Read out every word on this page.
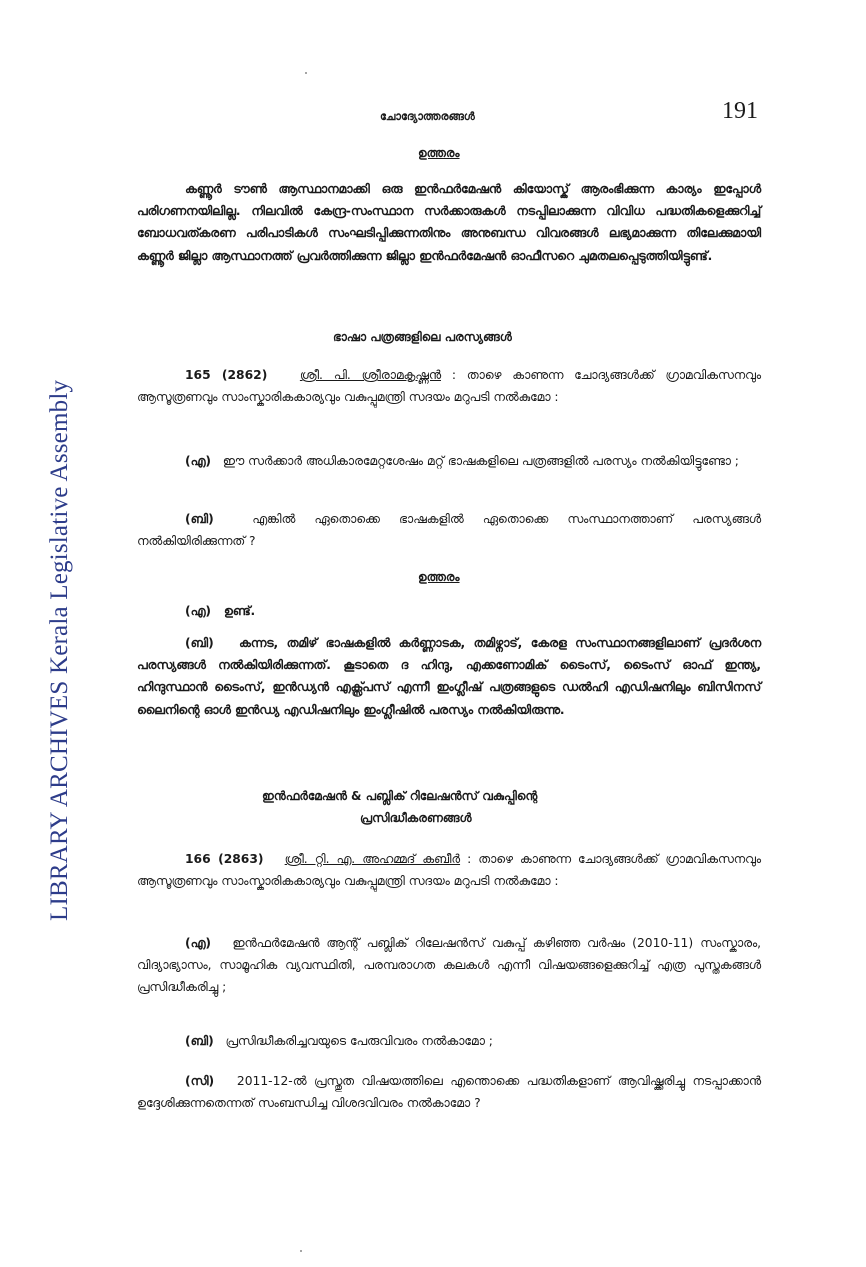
LIBRARY ARCHIVES Kerala Legislative Assembly
ചോദ്യോത്തരങ്ങൾ	191
ഉത്തരം
കണ്ണൂർ ടൗൺ ആസ്ഥാനമാക്കി ഒരു ഇൻഫർമേഷൻ കിയോസ്ക് ആരംഭിക്കുന്ന കാര്യം ഇപ്പോൾ പരിഗണനയിലില്ല. നിലവിൽ കേന്ദ്ര-സംസ്ഥാന സർക്കാരുകൾ നടപ്പിലാക്കുന്ന വിവിധ പദ്ധതികളെക്കുറിച്ച് ബോധവത്കരണ പരിപാടികൾ സംഘടിപ്പിക്കുന്നതിനും അനുബന്ധ വിവരങ്ങൾ ലഭ്യമാക്കുന്ന തിലേക്കുമായി കണ്ണൂർ ജില്ലാ ആസ്ഥാനത്ത് പ്രവർത്തിക്കുന്ന ജില്ലാ ഇൻഫർമേഷൻ ഓഫീസറെ ചുമതലപ്പെടുത്തിയിട്ടുണ്ട്.
ഭാഷാ പത്രങ്ങളിലെ പരസ്യങ്ങൾ
165 (2862)	ശ്രീ. പി. ശ്രീരാമകൃഷ്ണൻ : താഴെ കാണുന്ന ചോദ്യങ്ങൾക്ക് ഗ്രാമവികസനവും ആസൂത്രണവും സാംസ്കാരികകാര്യവും വകുപ്പുമന്ത്രി സദയം മറുപടി നൽകുമോ :
(എ) ഈ സർക്കാർ അധികാരമേറ്റശേഷം മറ്റ് ഭാഷകളിലെ പത്രങ്ങളിൽ പരസ്യം നൽകിയിട്ടുണ്ടോ ;
(ബി)	എങ്കിൽ ഏതൊക്കെ ഭാഷകളിൽ ഏതൊക്കെ സംസ്ഥാനത്താണ് പരസ്യങ്ങൾ നൽകിയിരിക്കുന്നത് ?
ഉത്തരം
(എ) ഉണ്ട്.
(ബി) കന്നട, തമിഴ് ഭാഷകളിൽ കർണ്ണാടക, തമിഴ്നാട്, കേരള സംസ്ഥാനങ്ങളിലാണ് പ്രദർശന പരസ്യങ്ങൾ നൽകിയിരിക്കുന്നത്. കൂടാതെ ദ ഹിന്ദു, എക്കണോമിക് ടൈംസ്, ടൈംസ് ഓഫ് ഇന്ത്യ, ഹിന്ദുസ്ഥാൻ ടൈംസ്, ഇൻഡ്യൻ എക്സ്പ്രസ് എന്നീ ഇംഗ്ലീഷ് പത്രങ്ങളുടെ ഡൽഹി എഡിഷനിലും ബിസിനസ് ലൈനിന്റെ ഓൾ ഇൻഡ്യ എഡിഷനിലും ഇംഗ്ലീഷിൽ പരസ്യം നൽകിയിരുന്നു.
ഇൻഫർമേഷൻ & പബ്ലിക് റിലേഷൻസ് വകുപ്പിന്റെ
പ്രസിദ്ധീകരണങ്ങൾ
166 (2863) ശ്രീ. റ്റി. എ. അഹമ്മദ് കബീർ : താഴെ കാണുന്ന ചോദ്യങ്ങൾക്ക് ഗ്രാമവികസനവും ആസൂത്രണവും സാംസ്കാരികകാര്യവും വകുപ്പുമന്ത്രി സദയം മറുപടി നൽകുമോ :
(എ) ഇൻഫർമേഷൻ ആന്റ് പബ്ലിക് റിലേഷൻസ് വകുപ്പ് കഴിഞ്ഞ വർഷം (2010-11) സംസ്കാരം, വിദ്യാഭ്യാസം, സാമൂഹിക വ്യവസ്ഥിതി, പരമ്പരാഗത കലകൾ എന്നീ വിഷയങ്ങളെക്കുറിച്ച് എത്ര പുസ്തകങ്ങൾ പ്രസിദ്ധീകരിച്ചു ;
(ബി) പ്രസിദ്ധീകരിച്ചവയുടെ പേരുവിവരം നൽകാമോ ;
(സി) 2011-12-ൽ പ്രസ്തുത വിഷയത്തിലെ എന്തൊക്കെ പദ്ധതികളാണ് ആവിഷ്ക്കരിച്ചു നടപ്പാക്കാൻ ഉദ്ദേശിക്കുന്നതെന്നത് സംബന്ധിച്ച വിശദവിവരം നൽകാമോ ?
